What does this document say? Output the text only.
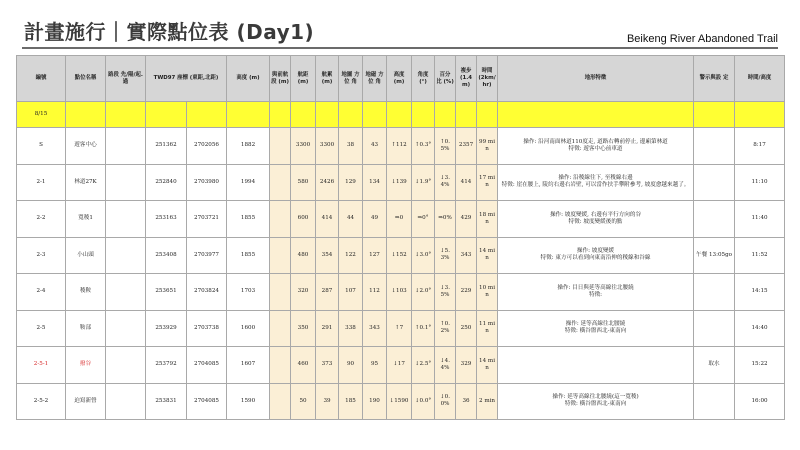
計畫施行｜實際點位表 (Day1)	Beikeng River Abandoned Trail
編號	點位名稱	路段 先/陽/起.過	TWD97 座標 (東距,北距)		高度 (m)	與前航段 (m)	航距 (m)	航累 (m)	地圖 方位 角	地磁 方位 角	高度 (m)	角度 (°)	百分 比 (%)	複步 (1.4m)	時間 (2km/ hr)	地形特徵	警示與設 定	時間/高度
8/15																		
S	遊客中心		251362	2702056	1882		3300	3300	38	43	↑112	↑0.3°	↑0.5%	2357	99 min	操作: 沿河南面林道110度走, 道路右轉前停止, 邊廂第林道
特徵: 遊客中心前車道		8:17
2-1	林道27K		252840	2703980	1994		580	2426	129	134	↓139	↓1.9°	↓3.4%	414	17 min	操作: 沿稜線往下, 至稜線右邊
特徵: 崖在腰上, 陵約右邊右岩壁, 可以當作扶手攀附參考, 坡度愈越來越了。		11:10
2-2	寬稜1		253163	2703721	1855		600	414	44	49	⇒0	⇒0°	⇒0%	429	18 min	操作: 坡度變緩, 右邊有平行方向的谷
特徵: 坡度變緩後的點		11:40
2-3	小山頭		253408	2703977	1855		480	354	122	127	↓152	↓3.0°	↓5.3%	343	14 min	操作: 坡度變緩
特徵: 東方可以看到向東南沿伸的稜線和谷線	午餐 13:05go	11:52
2-4	稜鞍		253651	2703824	1703		320	287	107	112	↓103	↓2.0°	↓3.5%	229	10 min	操作: 目日與延等高線往北腰繞
特徵:		14:15
2-5	鞍部		253929	2703738	1600		350	291	338	343	↑7	↑0.1°	↑0.2%	250	11 min	操作: 延等高線往北腰繞
特徵: 橫谷盤西北-東南向		14:40
2-5-1	撥谷		253792	2704085	1607		460	373	90	95	↓17	↓2.5°	↓4.4%	329	14 min		取水	15:22
2-5-2	迫寫新營		253831	2704085	1590		50	39	185	190	↓1590	↓0.0°	↓0.0%	36	2 min	操作: 延等高線往北腰繞(這一寬稜)
特徵: 橫谷盤西北-東南向		16:00
